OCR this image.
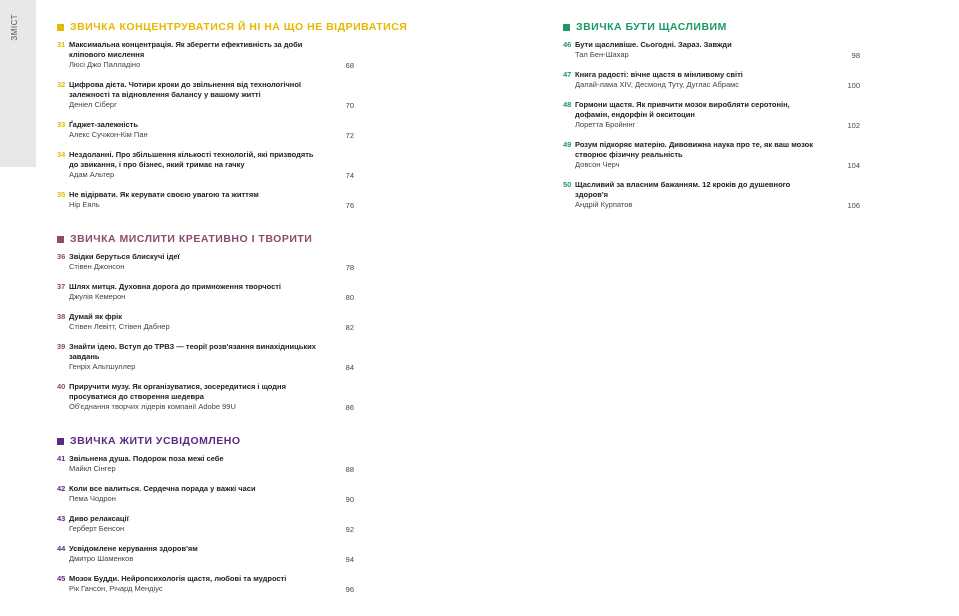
ЗМІСТ	ЗВИЧКА КОНЦЕНТРУВАТИСЯ Й НІ НА ЩО НЕ ВІДРИВАТИСЯ
31 Максимальна концентрація. Як зберегти ефективність за доби кліпового мислення
Люсі Джо Палладіно	68
32 Цифрова дієта. Чотири кроки до звільнення від технологічної залежності та відновлення балансу у вашому житті
Деніел Сіберг	70
33 Ґаджет-залежність
Алекс Сучжон-Кім Пан	72
34 Нездоланні. Про збільшення кількості технологій, які призводять до звикання, і про бізнес, який тримає на гачку
Адам Альтер	74
35 Не відірвати. Як керувати своєю увагою та життям
Нір Еяль	76
ЗВИЧКА МИСЛИТИ КРЕАТИВНО І ТВОРИТИ
36 Звідки беруться блискучі ідеї
Стівен Джонсон	78
37 Шлях митця. Духовна дорога до примноження творчості
Джулія Кемерон	80
38 Думай як фрік
Стівен Левітт, Стівен Дабнер	82
39 Знайти ідею. Вступ до ТРВЗ — теорії розв'язання винахідницьких завдань
Генріх Альтшуллер	84
40 Приручити музу. Як організуватися, зосередитися і щодня просуватися до створення шедевра
Об'єднання творчих лідерів компанії Adobe 99U	86
ЗВИЧКА ЖИТИ УСВІДОМЛЕНО
41 Звільнена душа. Подорож поза межі себе
Майкл Сінгер	88
42 Коли все валиться. Сердечна порада у важкі часи
Пема Чодрон	90
43 Диво релаксації
Герберт Бенсон	92
44 Усвідомлене керування здоров'ям
Дмитро Шаменков	94
45 Мозок Будди. Нейропсихологія щастя, любові та мудрості
Рік Гансон, Річард Мендіус	96
ЗВИЧКА БУТИ ЩАСЛИВИМ
46 Бути щасливіше. Сьогодні. Зараз. Завжди
Тал Бен-Шахар	98
47 Книга радості: вічне щастя в мінливому світі
Далай-лама XIV, Десмонд Туту, Дуглас Абрамс	100
48 Гормони щастя. Як привчити мозок виробляти серотонін, дофамін, ендорфін й окситоцин
Лоретта Бройнінг	102
49 Розум підкоряє матерію. Дивовижна наука про те, як ваш мозок створює фізичну реальність
Довсон Черч	104
50 Щасливий за власним бажанням. 12 кроків до душевного здоров'я
Андрій Курпатов	106
